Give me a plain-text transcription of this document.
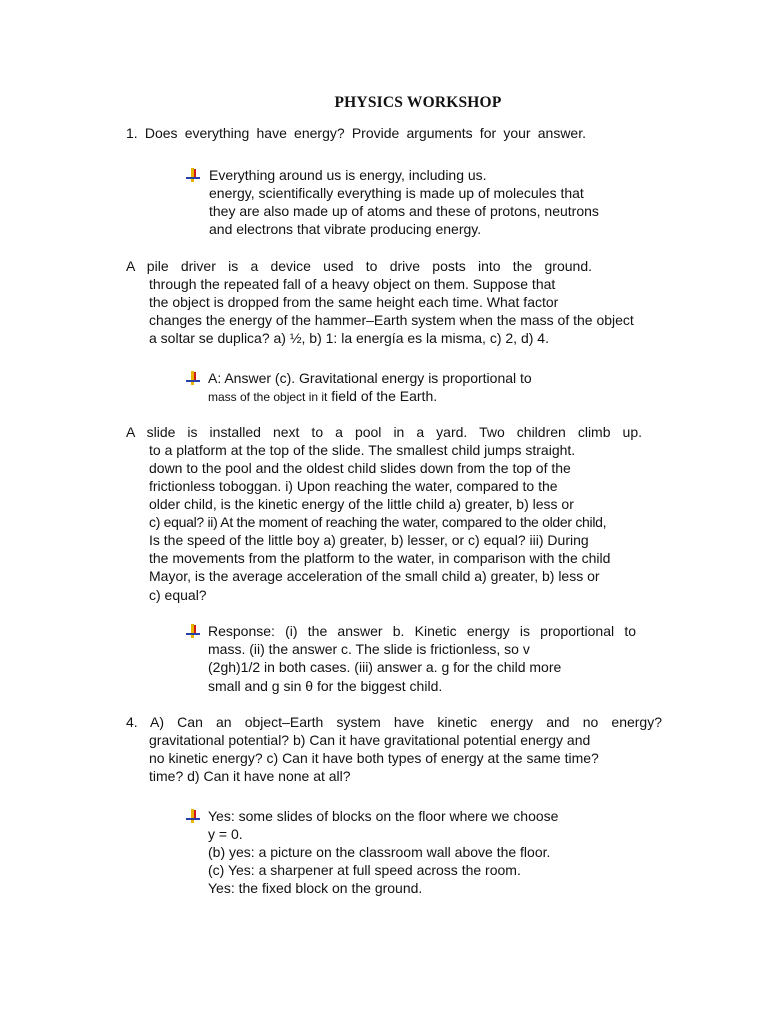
PHYSICS WORKSHOP
1. Does everything have energy? Provide arguments for your answer.
Everything around us is energy, including us.
energy, scientifically everything is made up of molecules that
they are also made up of atoms and these of protons, neutrons
and electrons that vibrate producing energy.
A pile driver is a device used to drive posts into the ground.
through the repeated fall of a heavy object on them. Suppose that
the object is dropped from the same height each time. What factor
changes the energy of the hammer–Earth system when the mass of the object
a soltar se duplica? a) ½, b) 1: la energía es la misma, c) 2, d) 4.
A: Answer (c). Gravitational energy is proportional to
mass of the object in it field of the Earth.
A slide is installed next to a pool in a yard. Two children climb up.
to a platform at the top of the slide. The smallest child jumps straight.
down to the pool and the oldest child slides down from the top of the
frictionless toboggan. i) Upon reaching the water, compared to the
older child, is the kinetic energy of the little child a) greater, b) less or
c) equal? ii) At the moment of reaching the water, compared to the older child,
Is the speed of the little boy a) greater, b) lesser, or c) equal? iii) During
the movements from the platform to the water, in comparison with the child
Mayor, is the average acceleration of the small child a) greater, b) less or
c) equal?
Response: (i) the answer b. Kinetic energy is proportional to
mass. (ii) the answer c. The slide is frictionless, so v
(2gh)1/2 in both cases. (iii) answer a. g for the child more
small and g sin θ for the biggest child.
4. A) Can an object–Earth system have kinetic energy and no energy?
gravitational potential? b) Can it have gravitational potential energy and
no kinetic energy? c) Can it have both types of energy at the same time?
time? d) Can it have none at all?
Yes: some slides of blocks on the floor where we choose
y = 0.
(b) yes: a picture on the classroom wall above the floor.
(c) Yes: a sharpener at full speed across the room.
Yes: the fixed block on the ground.
